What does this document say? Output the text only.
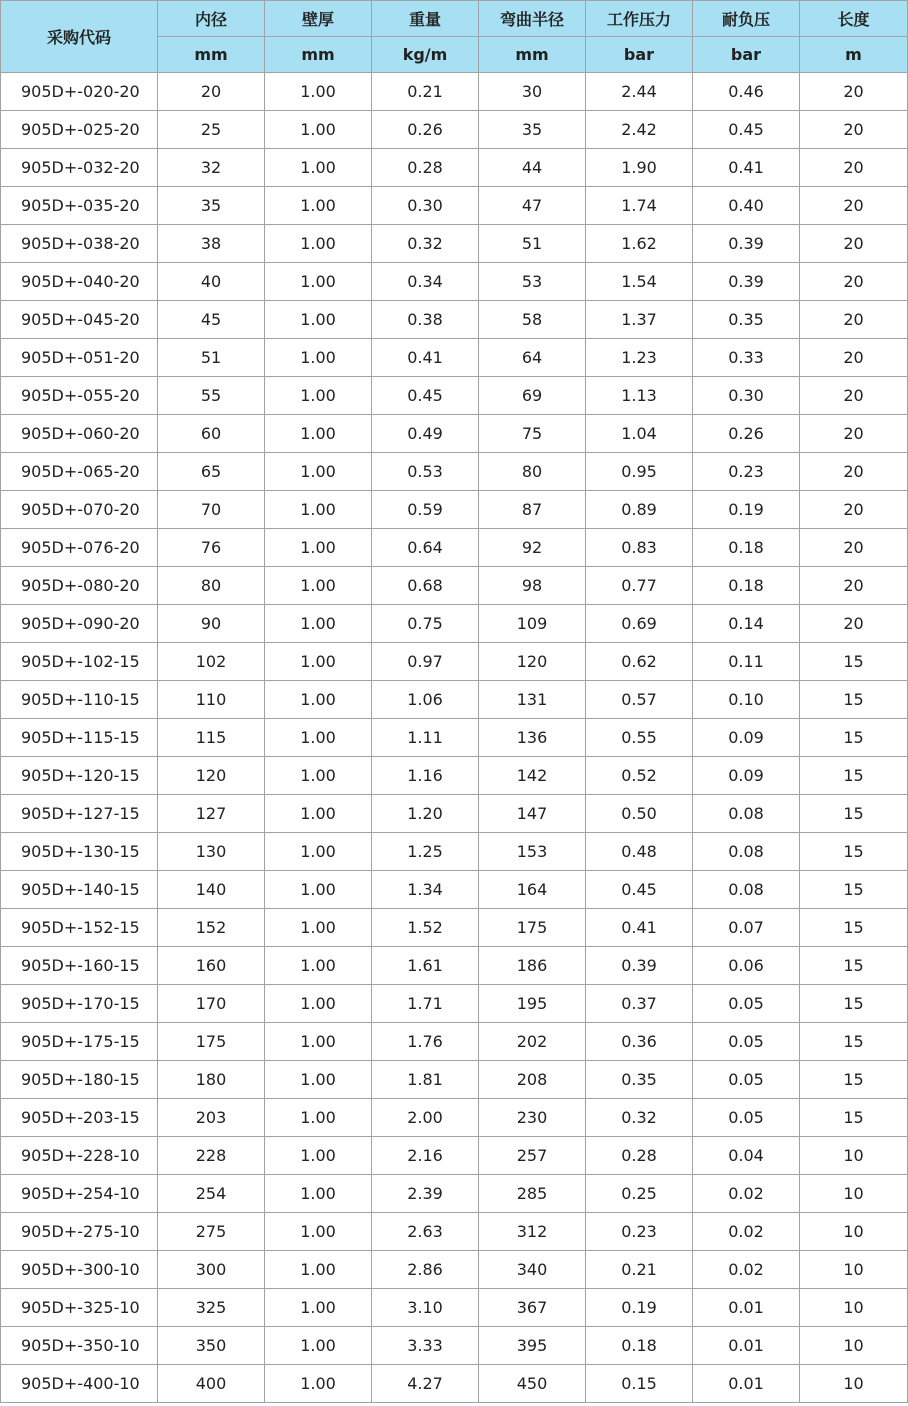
采购代码	内径	壁厚	重量	弯曲半径	工作压力	耐负压	长度
	mm	mm	kg/m	mm	bar	bar	m
905D+-020-20	20	1.00	0.21	30	2.44	0.46	20
905D+-025-20	25	1.00	0.26	35	2.42	0.45	20
905D+-032-20	32	1.00	0.28	44	1.90	0.41	20
905D+-035-20	35	1.00	0.30	47	1.74	0.40	20
905D+-038-20	38	1.00	0.32	51	1.62	0.39	20
905D+-040-20	40	1.00	0.34	53	1.54	0.39	20
905D+-045-20	45	1.00	0.38	58	1.37	0.35	20
905D+-051-20	51	1.00	0.41	64	1.23	0.33	20
905D+-055-20	55	1.00	0.45	69	1.13	0.30	20
905D+-060-20	60	1.00	0.49	75	1.04	0.26	20
905D+-065-20	65	1.00	0.53	80	0.95	0.23	20
905D+-070-20	70	1.00	0.59	87	0.89	0.19	20
905D+-076-20	76	1.00	0.64	92	0.83	0.18	20
905D+-080-20	80	1.00	0.68	98	0.77	0.18	20
905D+-090-20	90	1.00	0.75	109	0.69	0.14	20
905D+-102-15	102	1.00	0.97	120	0.62	0.11	15
905D+-110-15	110	1.00	1.06	131	0.57	0.10	15
905D+-115-15	115	1.00	1.11	136	0.55	0.09	15
905D+-120-15	120	1.00	1.16	142	0.52	0.09	15
905D+-127-15	127	1.00	1.20	147	0.50	0.08	15
905D+-130-15	130	1.00	1.25	153	0.48	0.08	15
905D+-140-15	140	1.00	1.34	164	0.45	0.08	15
905D+-152-15	152	1.00	1.52	175	0.41	0.07	15
905D+-160-15	160	1.00	1.61	186	0.39	0.06	15
905D+-170-15	170	1.00	1.71	195	0.37	0.05	15
905D+-175-15	175	1.00	1.76	202	0.36	0.05	15
905D+-180-15	180	1.00	1.81	208	0.35	0.05	15
905D+-203-15	203	1.00	2.00	230	0.32	0.05	15
905D+-228-10	228	1.00	2.16	257	0.28	0.04	10
905D+-254-10	254	1.00	2.39	285	0.25	0.02	10
905D+-275-10	275	1.00	2.63	312	0.23	0.02	10
905D+-300-10	300	1.00	2.86	340	0.21	0.02	10
905D+-325-10	325	1.00	3.10	367	0.19	0.01	10
905D+-350-10	350	1.00	3.33	395	0.18	0.01	10
905D+-400-10	400	1.00	4.27	450	0.15	0.01	10
